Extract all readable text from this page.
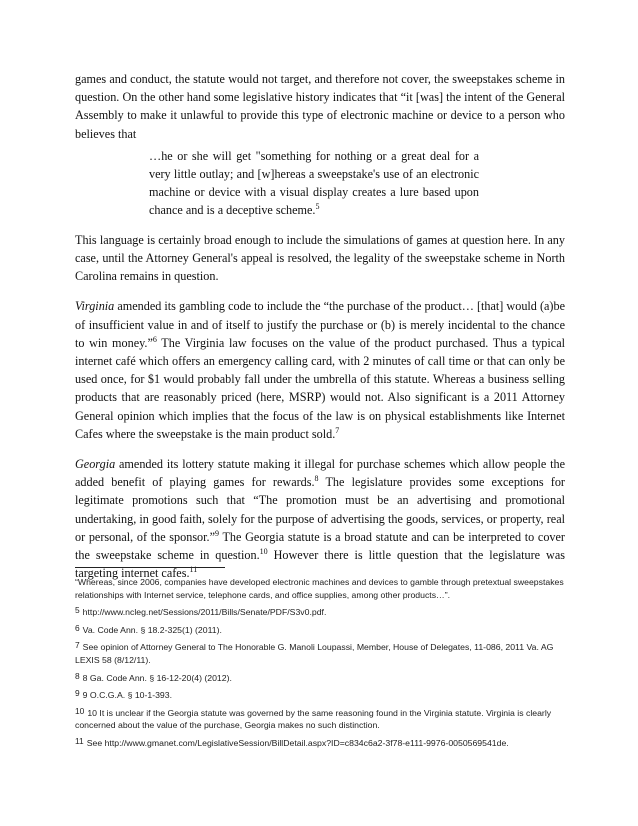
games and conduct, the statute would not target, and therefore not cover, the sweepstakes scheme in question. On the other hand some legislative history indicates that “it [was] the intent of the General Assembly to make it unlawful to provide this type of electronic machine or device to a person who believes that

…he or she will get "something for nothing or a great deal for a very little outlay; and [w]hereas a sweepstake's use of an electronic machine or device with a visual display creates a lure based upon chance and is a deceptive scheme.$^5$

This language is certainly broad enough to include the simulations of games at question here. In any case, until the Attorney General's appeal is resolved, the legality of the sweepstake scheme in North Carolina remains in question.

Virginia amended its gambling code to include the “the purchase of the product… [that] would (a)be of insufficient value in and of itself to justify the purchase or (b) is merely incidental to the chance to win money.”$^6$ The Virginia law focuses on the value of the product purchased. Thus a typical internet café which offers an emergency calling card, with 2 minutes of call time or that can only be used once, for $1 would probably fall under the umbrella of this statute. Whereas a business selling products that are reasonably priced (here, MSRP) would not. Also significant is a 2011 Attorney General opinion which implies that the focus of the law is on physical establishments like Internet Cafes where the sweepstake is the main product sold.$^7$

Georgia amended its lottery statute making it illegal for purchase schemes which allow people the added benefit of playing games for rewards.$^8$ The legislature provides some exceptions for legitimate promotions such that “The promotion must be an advertising and promotional undertaking, in good faith, solely for the purpose of advertising the goods, services, or property, real or personal, of the sponsor.”$^9$ The Georgia statute is a broad statute and can be interpreted to cover the sweepstake scheme in question.$^{10}$ However there is little question that the legislature was targeting internet cafes.$^{11}$

“Whereas, since 2006, companies have developed electronic machines and devices to gamble through pretextual sweepstakes relationships with Internet service, telephone cards, and office supplies, among other products…”.
5 http://www.ncleg.net/Sessions/2011/Bills/Senate/PDF/S3v0.pdf.
6 Va. Code Ann. § 18.2-325(1) (2011).
7 See opinion of Attorney General to The Honorable G. Manoli Loupassi, Member, House of Delegates, 11-086, 2011 Va. AG LEXIS 58 (8/12/11).
8 8 Ga. Code Ann. § 16-12-20(4) (2012).
9 9 O.C.G.A. § 10-1-393.
10 10 It is unclear if the Georgia statute was governed by the same reasoning found in the Virginia statute. Virginia is clearly concerned about the value of the purchase, Georgia makes no such distinction.
11 See http://www.gmanet.com/LegislativeSession/BillDetail.aspx?ID=c834c6a2-3f78-e111-9976-0050569541de.
